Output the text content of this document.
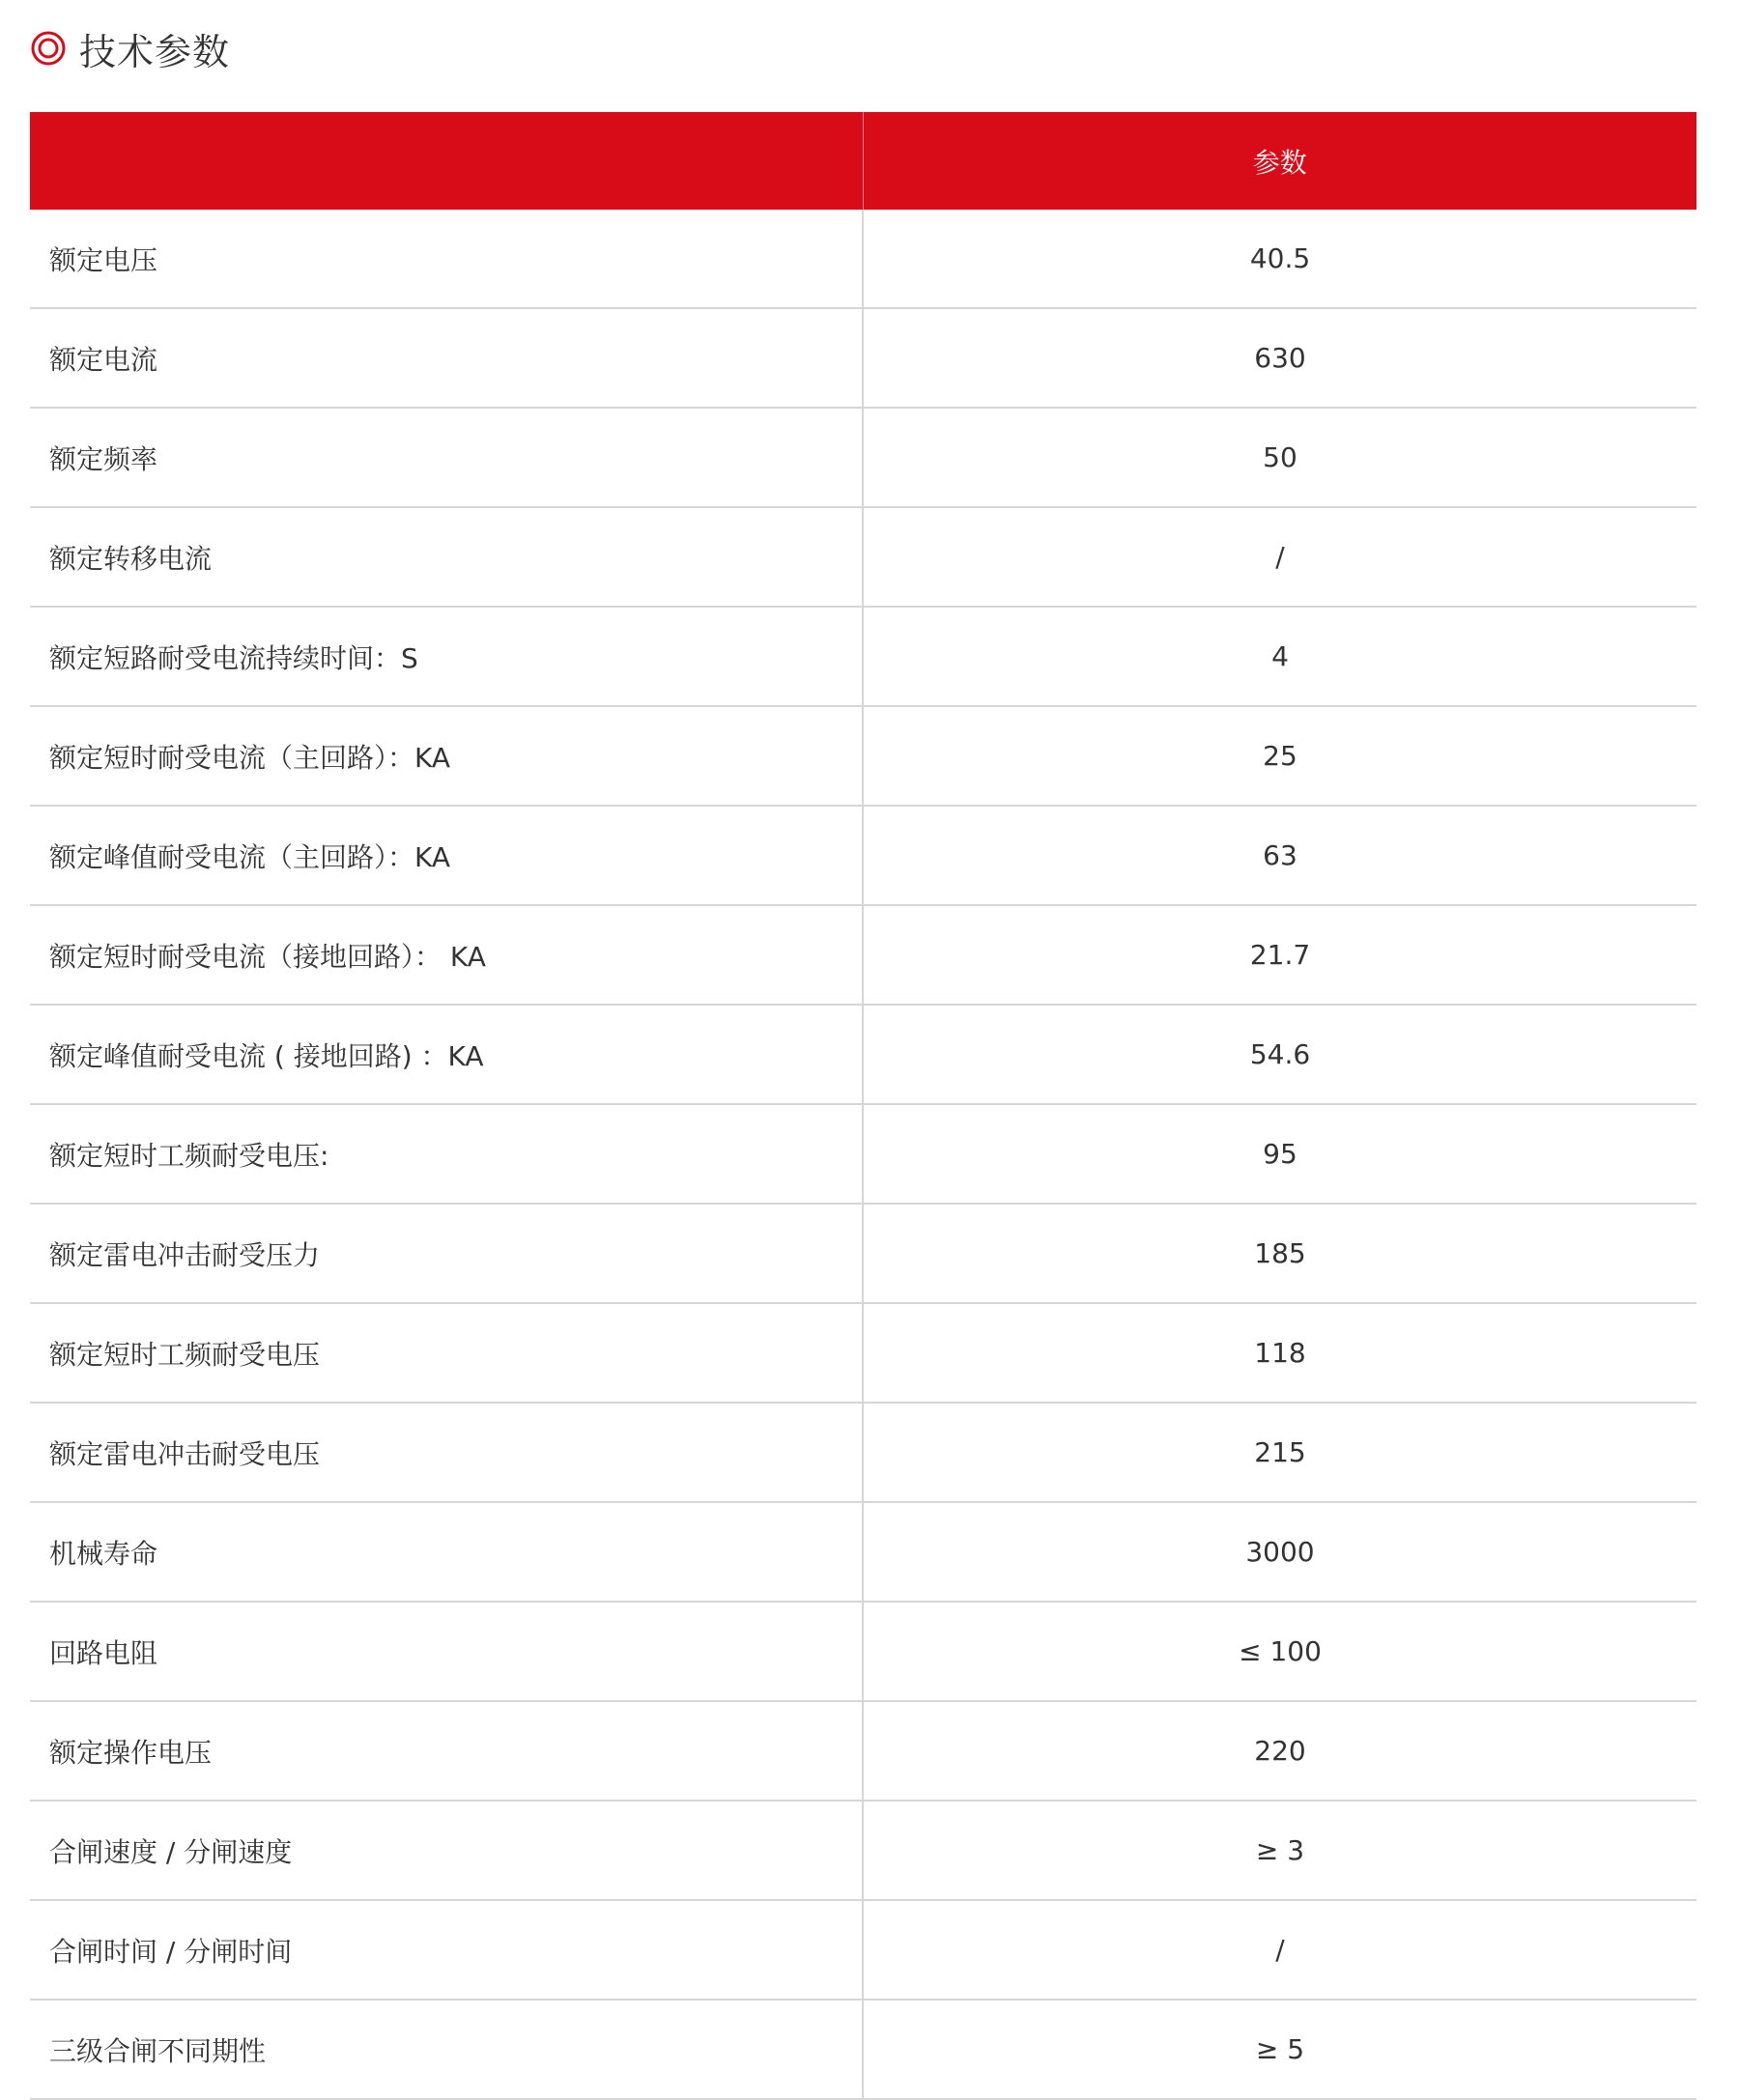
技术参数
	参数
额定电压	40.5
额定电流	630
额定频率	50
额定转移电流	/
额定短路耐受电流持续时间：S	4
额定短时耐受电流（主回路）：KA	25
额定峰值耐受电流（主回路）：KA	63
额定短时耐受电流（接地回路）： KA	21.7
额定峰值耐受电流 ( 接地回路) ：KA	54.6
额定短时工频耐受电压:	95
额定雷电冲击耐受压力	185
额定短时工频耐受电压	118
额定雷电冲击耐受电压	215
机械寿命	3000
回路电阻	≤ 100
额定操作电压	220
合闸速度 / 分闸速度	≥ 3
合闸时间 / 分闸时间	/
三级合闸不同期性	≥ 5
